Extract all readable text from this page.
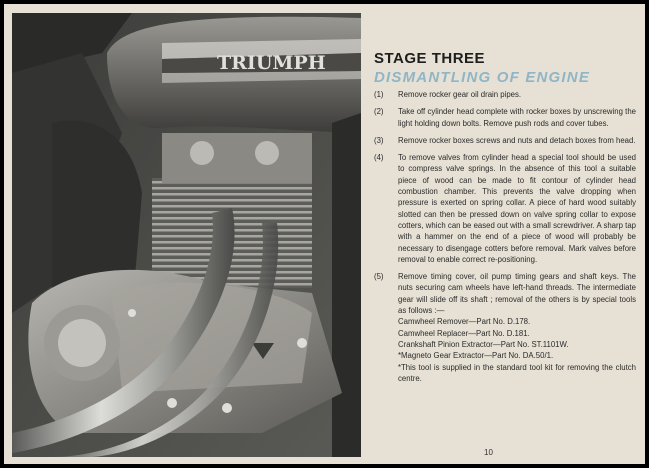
TRIUMPH	STAGE THREE
DISMANTLING OF ENGINE
(1)	Remove rocker gear oil drain pipes.
(2)	Take off cylinder head complete with rocker boxes by unscrewing the light holding down bolts. Remove push rods and cover tubes.
(3)	Remove rocker boxes screws and nuts and detach boxes from head.
(4)	To remove valves from cylinder head a special tool should be used to compress valve springs. In the absence of this tool a suitable piece of wood can be made to fit contour of cylinder head combustion chamber. This prevents the valve dropping when pressure is exerted on spring collar. A piece of hard wood suitably slotted can then be pressed down on valve spring collar to expose cotters, which can be eased out with a small screwdriver. A sharp tap with a hammer on the end of a piece of wood will probably be necessary to disengage cotters before removal. Mark valves before removal to enable correct re-positioning.
(5)	Remove timing cover, oil pump timing gears and shaft keys. The nuts securing cam wheels have left-hand threads. The intermediate gear will slide off its shaft ; removal of the others is by special tools as follows :—
Camwheel Remover—Part No. D.178.
Camwheel Replacer—Part No. D.181.
Crankshaft Pinion Extractor—Part No. ST.1101W.
*Magneto Gear Extractor—Part No. DA.50/1.
*This tool is supplied in the standard tool kit for removing the clutch centre.
10
